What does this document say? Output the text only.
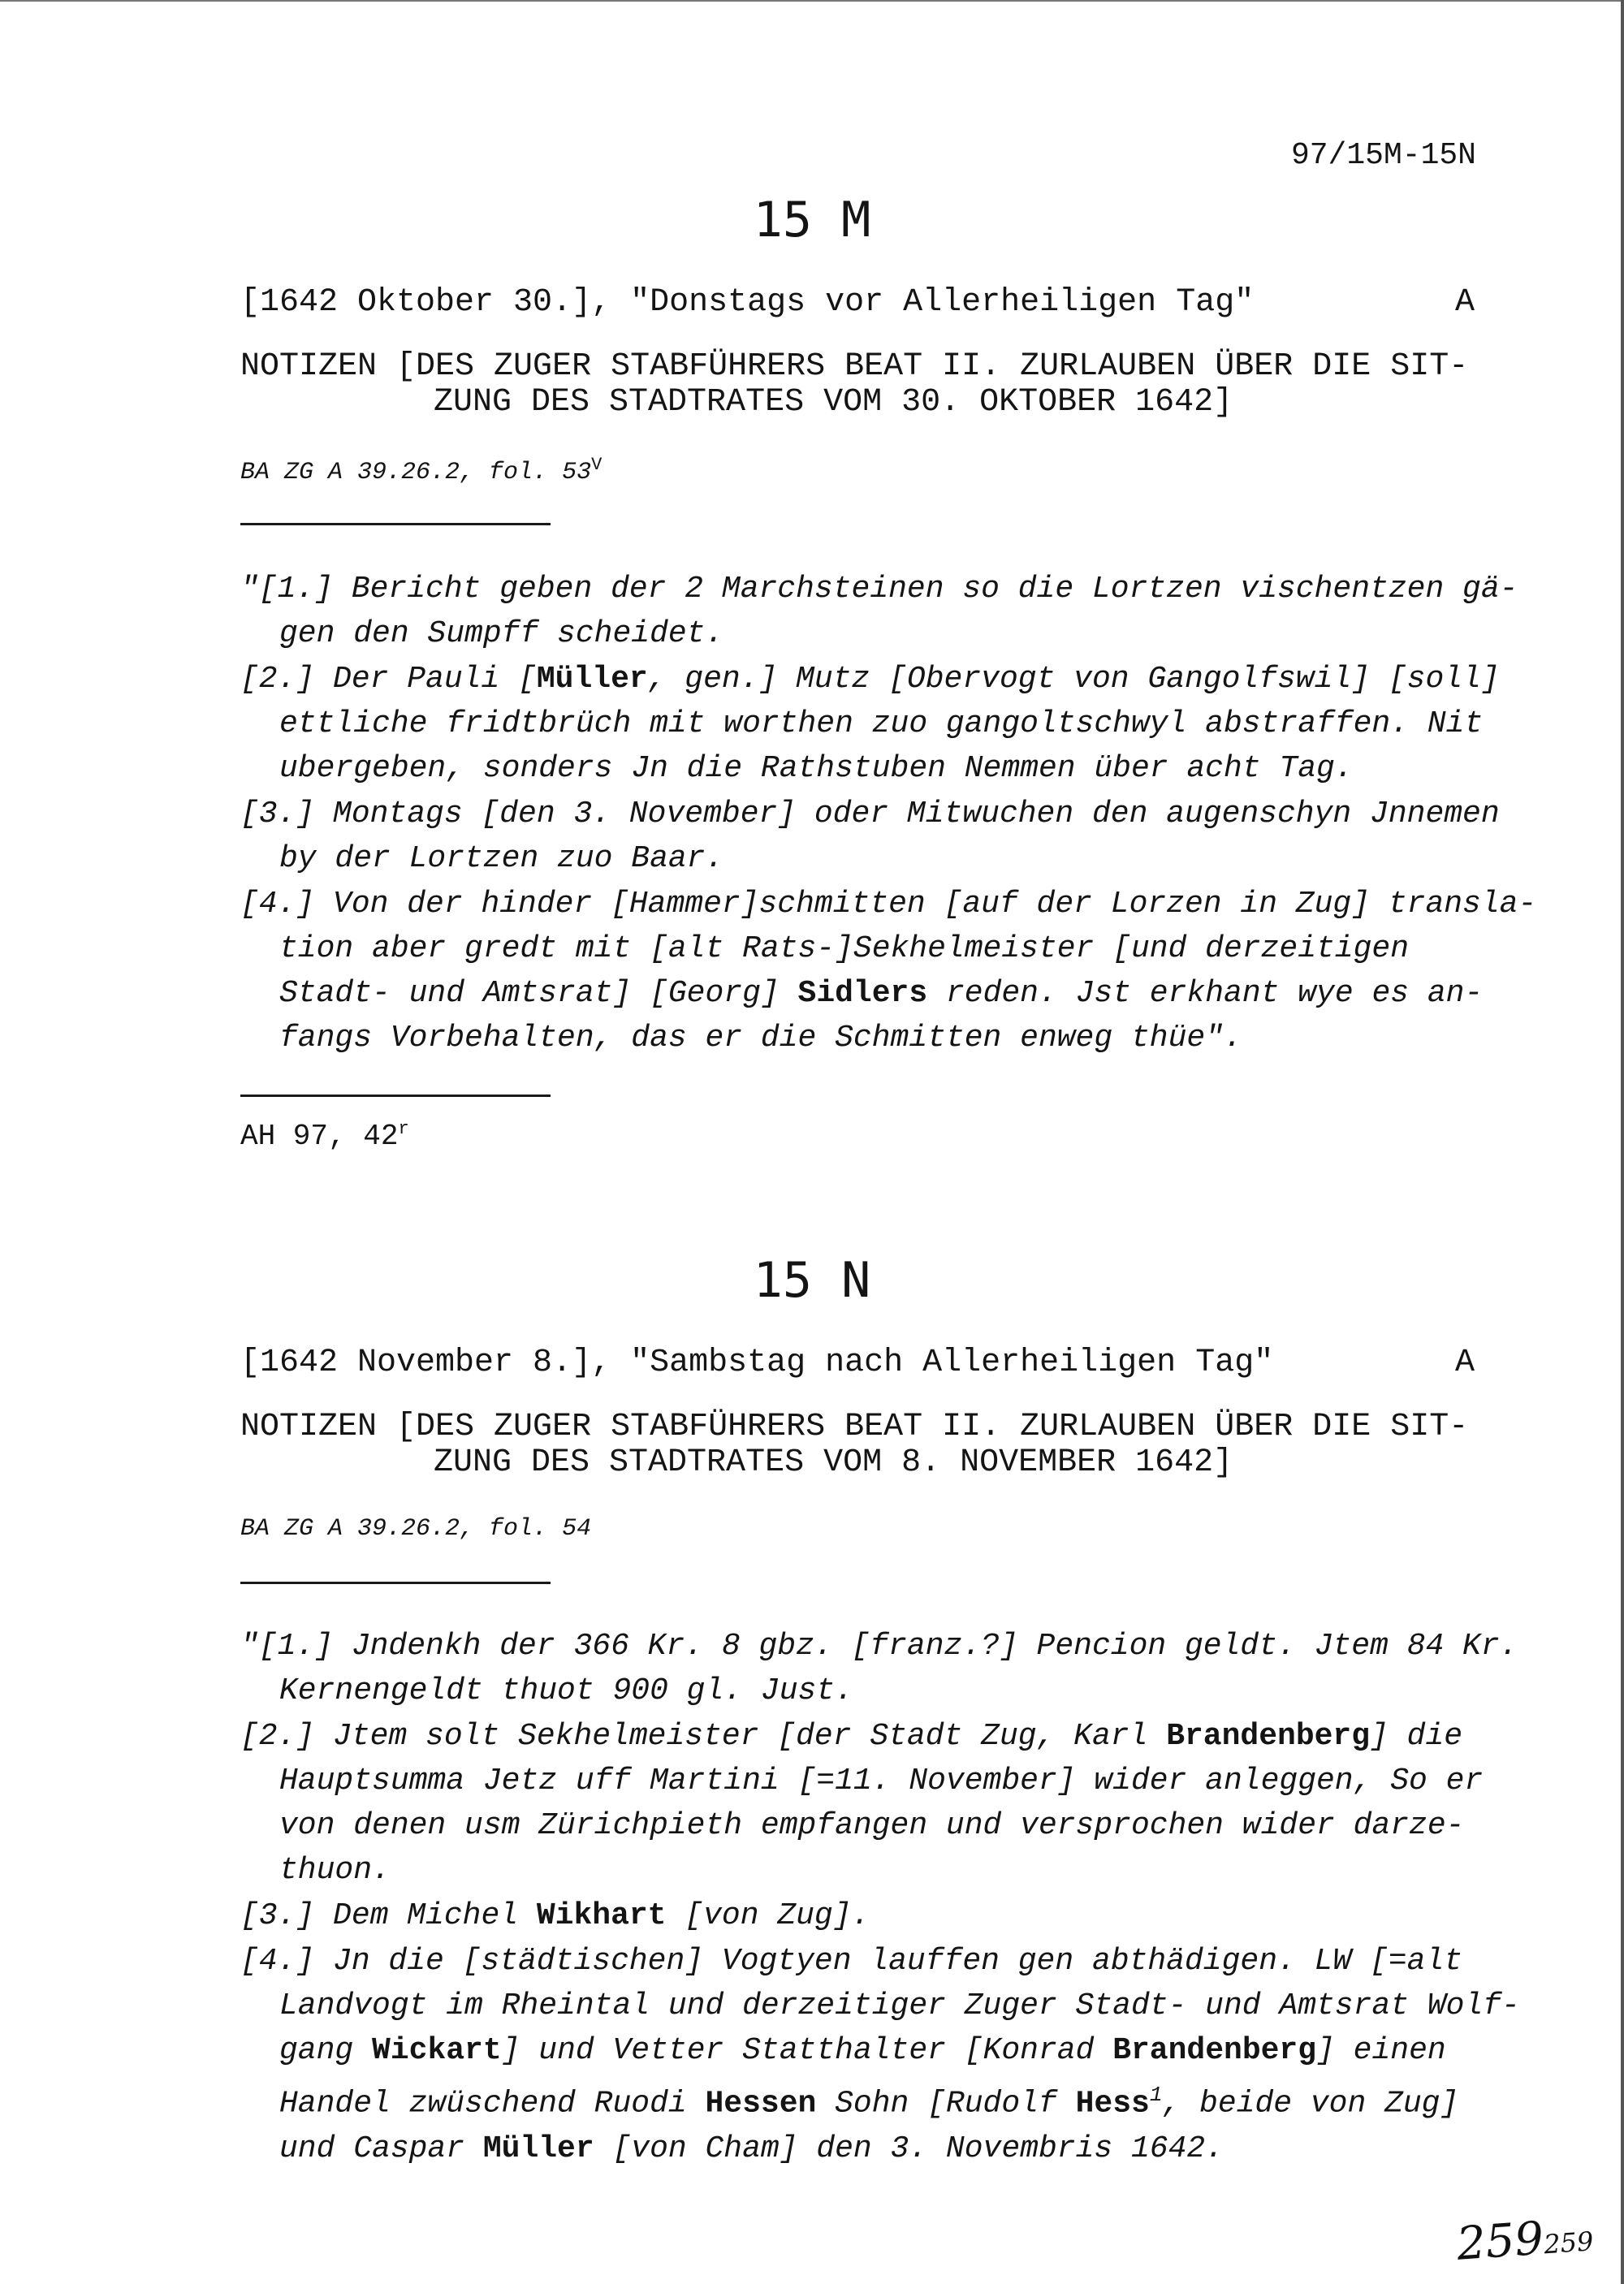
97/15M-15N

15 M
[1642 Oktober 30.], "Donstags vor Allerheiligen Tag"	A
NOTIZEN [DES ZUGER STABFÜHRERS BEAT II. ZURLAUBEN ÜBER DIE SIT-
ZUNG DES STADTRATES VOM 30. OKTOBER 1642]
BA ZG A 39.26.2, fol. $53^V$
"[1.] Bericht geben der 2 Marchsteinen so die Lortzen vischentzen gä-
gen den Sumpff scheidet.
[2.] Der Pauli [Müller, gen.] Mutz [Obervogt von Gangolfswil] [soll]
ettliche fridtbrüch mit worthen zuo gangoltschwyl abstraffen. Nit
ubergeben, sonders Jn die Rathstuben Nemmen über acht Tag.
[3.] Montags [den 3. November] oder Mitwuchen den augenschyn Jnnemen
by der Lortzen zuo Baar.
[4.] Von der hinder [Hammer]schmitten [auf der Lorzen in Zug] transla-
tion aber gredt mit [alt Rats-]Sekhelmeister [und derzeitigen
Stadt- und Amtsrat] [Georg] Sidlers reden. Jst erkhant wye es an-
fangs Vorbehalten, das er die Schmitten enweg thüe".
AH 97, 42$^r$
15 N
[1642 November 8.], "Sambstag nach Allerheiligen Tag"	A
NOTIZEN [DES ZUGER STABFÜHRERS BEAT II. ZURLAUBEN ÜBER DIE SIT-
ZUNG DES STADTRATES VOM 8. NOVEMBER 1642]
BA ZG A 39.26.2, fol. 54
"[1.] Jndenkh der 366 Kr. 8 gbz. [franz.?] Pencion geldt. Jtem 84 Kr.
Kernengeldt thuot 900 gl. Just.
[2.] Jtem solt Sekhelmeister [der Stadt Zug, Karl Brandenberg] die
Hauptsumma Jetz uff Martini [=11. November] wider anleggen, So er
von denen usm Zürichpieth empfangen und versprochen wider darze-
thuon.
[3.] Dem Michel Wikhart [von Zug].
[4.] Jn die [städtischen] Vogtyen lauffen gen abthädigen. LW [=alt
Landvogt im Rheintal und derzeitiger Zuger Stadt- und Amtsrat Wolf-
gang Wickart] und Vetter Statthalter [Konrad Brandenberg] einen
Handel zwüschend Ruodi Hessen Sohn [Rudolf Hess$^1$, beide von Zug]
und Caspar Müller [von Cham] den 3. Novembris 1642.
259259
